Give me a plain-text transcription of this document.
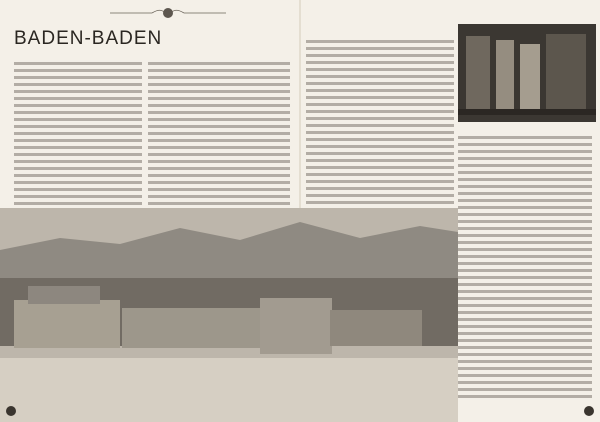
BADEN-BADEN
